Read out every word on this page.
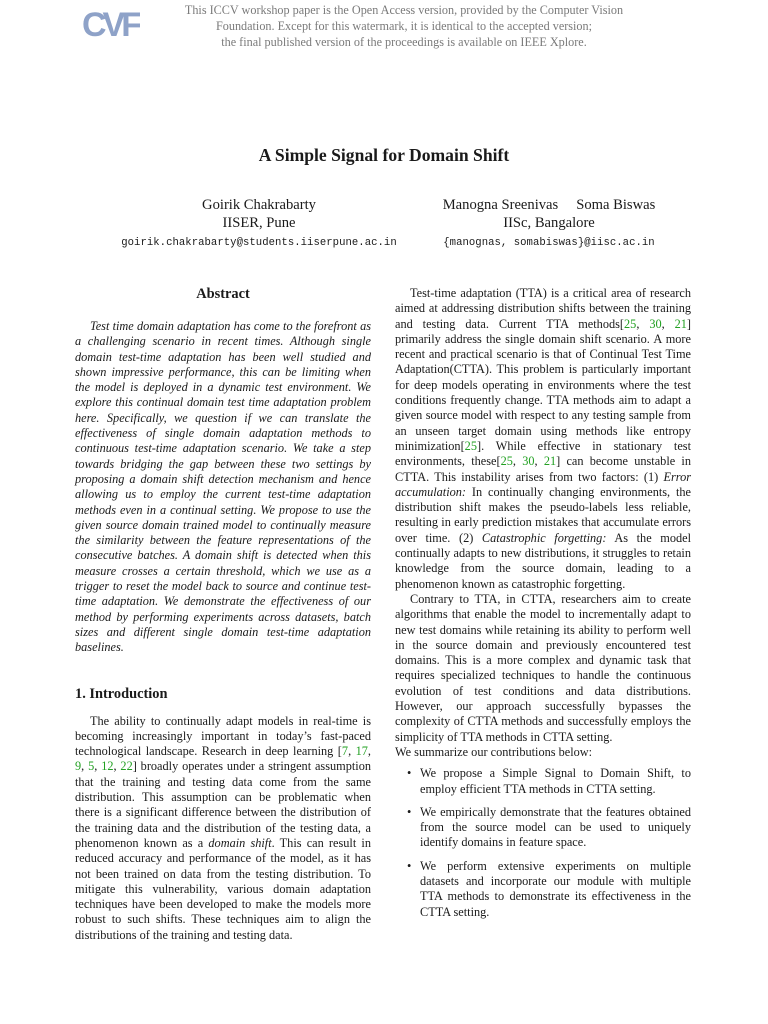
CVF	This ICCV workshop paper is the Open Access version, provided by the Computer Vision
Foundation. Except for this watermark, it is identical to the accepted version;
the final published version of the proceedings is available on IEEE Xplore.
A Simple Signal for Domain Shift
Goirik Chakrabarty
IISER, Pune
goirik.chakrabarty@students.iiserpune.ac.in
Manogna Sreenivas Soma Biswas
IISc, Bangalore
{manognas, somabiswas}@iisc.ac.in
Abstract

Test time domain adaptation has come to the forefront as a challenging scenario in recent times. Although single domain test-time adaptation has been well studied and shown impressive performance, this can be limiting when the model is deployed in a dynamic test environment. We explore this continual domain test time adaptation problem here. Specifically, we question if we can translate the effectiveness of single domain adaptation methods to continuous test-time adaptation scenario. We take a step towards bridging the gap between these two settings by proposing a domain shift detection mechanism and hence allowing us to employ the current test-time adaptation methods even in a continual setting. We propose to use the given source domain trained model to continually measure the similarity between the feature representations of the consecutive batches. A domain shift is detected when this measure crosses a certain threshold, which we use as a trigger to reset the model back to source and continue test-time adaptation. We demonstrate the effectiveness of our method by performing experiments across datasets, batch sizes and different single domain test-time adaptation baselines.

1. Introduction

The ability to continually adapt models in real-time is becoming increasingly important in today’s fast-paced technological landscape. Research in deep learning [7, 17, 9, 5, 12, 22] broadly operates under a stringent assumption that the training and testing data come from the same distribution. This assumption can be problematic when there is a significant difference between the distribution of the training data and the distribution of the testing data, a phenomenon known as a domain shift. This can result in reduced accuracy and performance of the model, as it has not been trained on data from the testing distribution. To mitigate this vulnerability, various domain adaptation techniques have been developed to make the models more robust to such shifts. These techniques aim to align the distributions of the training and testing data.

Test-time adaptation (TTA) is a critical area of research aimed at addressing distribution shifts between the training and testing data. Current TTA methods[25, 30, 21] primarily address the single domain shift scenario. A more recent and practical scenario is that of Continual Test Time Adaptation(CTTA). This problem is particularly important for deep models operating in environments where the test conditions frequently change. TTA methods aim to adapt a given source model with respect to any testing sample from an unseen target domain using methods like entropy minimization[25]. While effective in stationary test environments, these[25, 30, 21] can become unstable in CTTA. This instability arises from two factors: (1) Error accumulation: In continually changing environments, the distribution shift makes the pseudo-labels less reliable, resulting in early prediction mistakes that accumulate errors over time. (2) Catastrophic forgetting: As the model continually adapts to new distributions, it struggles to retain knowledge from the source domain, leading to a phenomenon known as catastrophic forgetting.

Contrary to TTA, in CTTA, researchers aim to create algorithms that enable the model to incrementally adapt to new test domains while retaining its ability to perform well in the source domain and previously encountered test domains. This is a more complex and dynamic task that requires specialized techniques to handle the continuous evolution of test conditions and data distributions. However, our approach successfully bypasses the complexity of CTTA methods and successfully employs the simplicity of TTA methods in CTTA setting.

We summarize our contributions below:

• We propose a Simple Signal to Domain Shift, to employ efficient TTA methods in CTTA setting.
• We empirically demonstrate that the features obtained from the source model can be used to uniquely identify domains in feature space.
• We perform extensive experiments on multiple datasets and incorporate our module with multiple TTA methods to demonstrate its effectiveness in the CTTA setting.
